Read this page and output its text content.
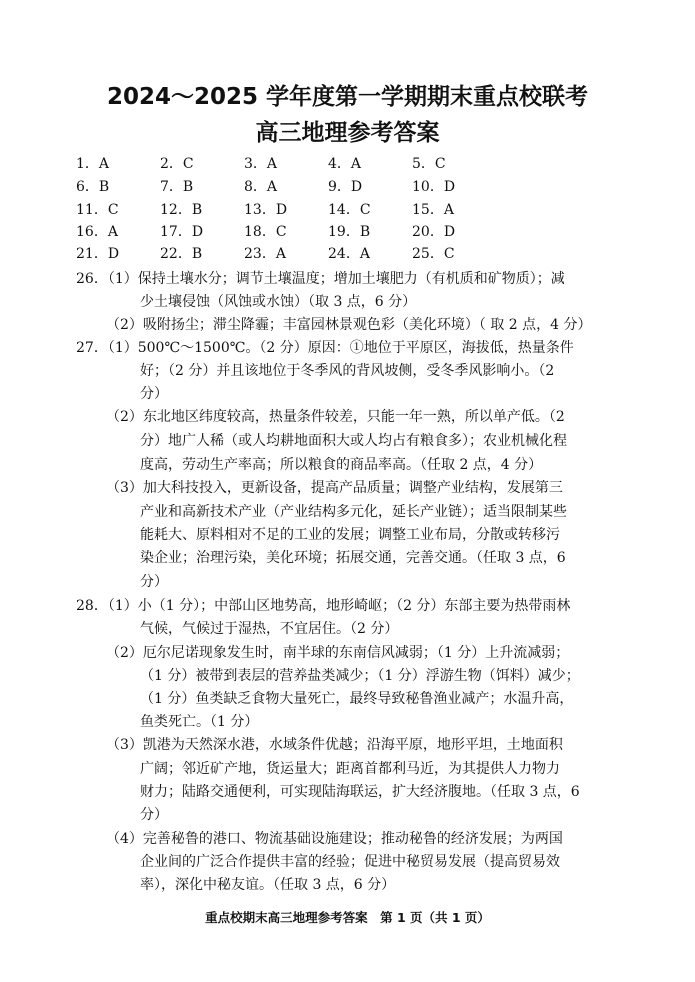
2024～2025 学年度第一学期期末重点校联考
高三地理参考答案
1．A	2．C	3．A	4．A	5．C
6．B	7．B	8．A	9．D	10．D
11．C	12．B	13．D	14．C	15．A
16．A	17．D	18．C	19．B	20．D
21．D	22．B	23．A	24．A	25．C
26．（1）保持土壤水分；调节土壤温度；增加土壤肥力（有机质和矿物质）；减
少土壤侵蚀（风蚀或水蚀）（取 3 点，6 分）
（2）吸附扬尘；滞尘降霾；丰富园林景观色彩（美化环境）（ 取 2 点，4 分）
27．（1）500℃～1500℃。（2 分）原因：①地位于平原区，海拔低，热量条件
好；（2 分）并且该地位于冬季风的背风坡侧，受冬季风影响小。（2
分）
（2）东北地区纬度较高，热量条件较差，只能一年一熟，所以单产低。（2
分）地广人稀（或人均耕地面积大或人均占有粮食多）；农业机械化程
度高，劳动生产率高；所以粮食的商品率高。（任取 2 点，4 分）
（3）加大科技投入，更新设备，提高产品质量；调整产业结构，发展第三
产业和高新技术产业（产业结构多元化，延长产业链）；适当限制某些
能耗大、原料相对不足的工业的发展；调整工业布局，分散或转移污
染企业；治理污染，美化环境；拓展交通，完善交通。（任取 3 点，6
分）
28．（1）小（1 分）；中部山区地势高，地形崎岖；（2 分）东部主要为热带雨林
气候，气候过于湿热，不宜居住。（2 分）
（2）厄尔尼诺现象发生时，南半球的东南信风减弱；（1 分）上升流减弱；
（1 分）被带到表层的营养盐类减少；（1 分）浮游生物（饵料）减少；
（1 分）鱼类缺乏食物大量死亡，最终导致秘鲁渔业减产；水温升高，
鱼类死亡。（1 分）
（3）凯港为天然深水港，水域条件优越；沿海平原，地形平坦，土地面积
广阔；邻近矿产地，货运量大；距离首都利马近，为其提供人力物力
财力；陆路交通便利，可实现陆海联运，扩大经济腹地。（任取 3 点，6
分）
（4）完善秘鲁的港口、物流基础设施建设；推动秘鲁的经济发展；为两国
企业间的广泛合作提供丰富的经验；促进中秘贸易发展（提高贸易效
率），深化中秘友谊。（任取 3 点，6 分）
重点校期末高三地理参考答案　第 1 页（共 1 页）
